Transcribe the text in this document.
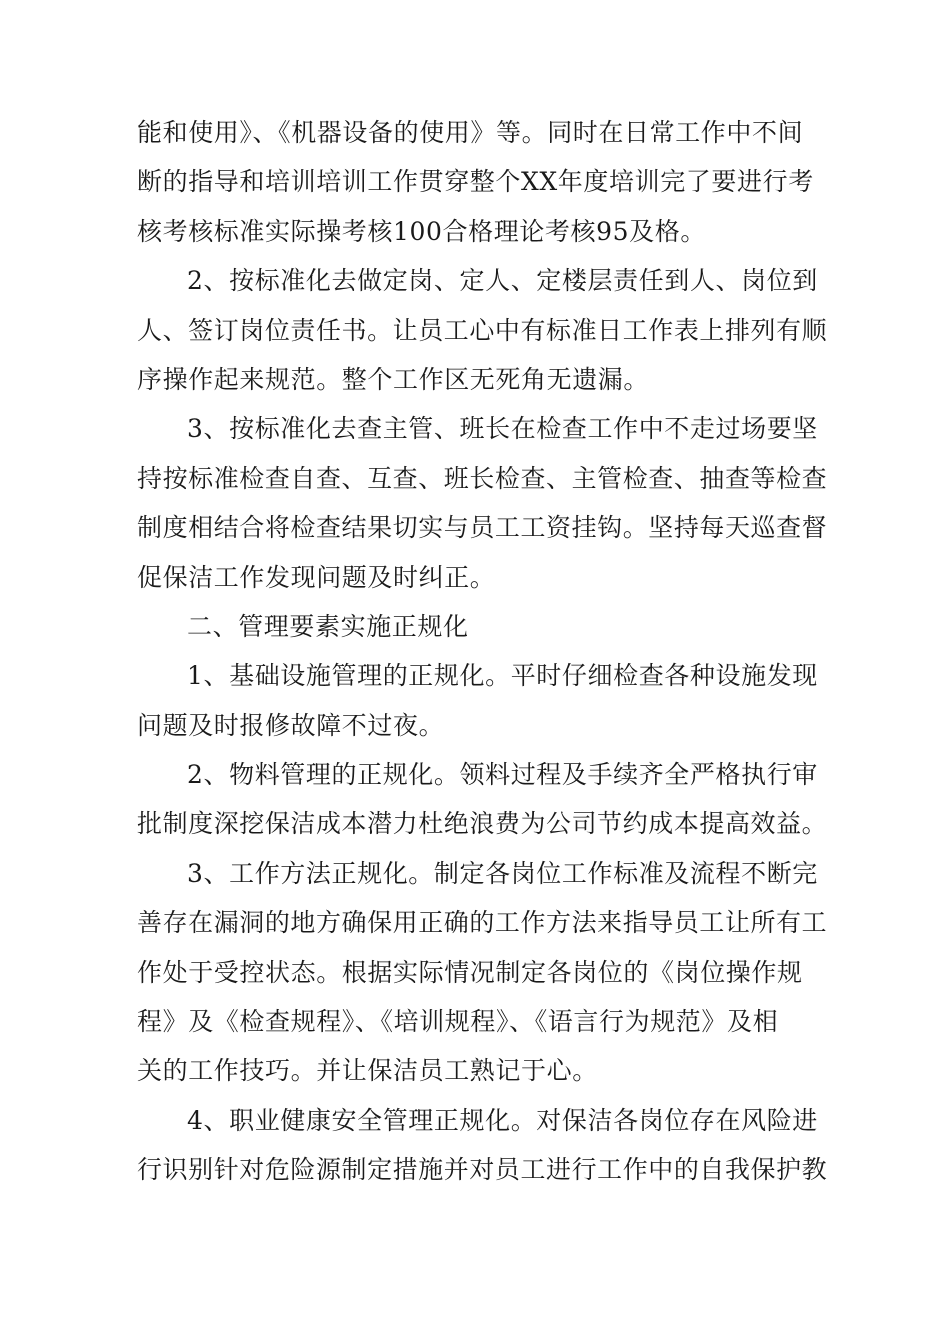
能和使用》、《机器设备的使用》等。同时在日常工作中不间
断的指导和培训培训工作贯穿整个XX年度培训完了要进行考
核考核标准实际操考核100合格理论考核95及格。
2、按标准化去做定岗、定人、定楼层责任到人、岗位到
人、签订岗位责任书。让员工心中有标准日工作表上排列有顺
序操作起来规范。整个工作区无死角无遗漏。
3、按标准化去查主管、班长在检查工作中不走过场要坚
持按标准检查自查、互查、班长检查、主管检查、抽查等检查
制度相结合将检查结果切实与员工工资挂钩。坚持每天巡查督
促保洁工作发现问题及时纠正。
二、管理要素实施正规化
1、基础设施管理的正规化。平时仔细检查各种设施发现
问题及时报修故障不过夜。
2、物料管理的正规化。领料过程及手续齐全严格执行审
批制度深挖保洁成本潜力杜绝浪费为公司节约成本提高效益。
3、工作方法正规化。制定各岗位工作标准及流程不断完
善存在漏洞的地方确保用正确的工作方法来指导员工让所有工
作处于受控状态。根据实际情况制定各岗位的《岗位操作规
程》及《检查规程》、《培训规程》、《语言行为规范》及相
关的工作技巧。并让保洁员工熟记于心。
4、职业健康安全管理正规化。对保洁各岗位存在风险进
行识别针对危险源制定措施并对员工进行工作中的自我保护教
